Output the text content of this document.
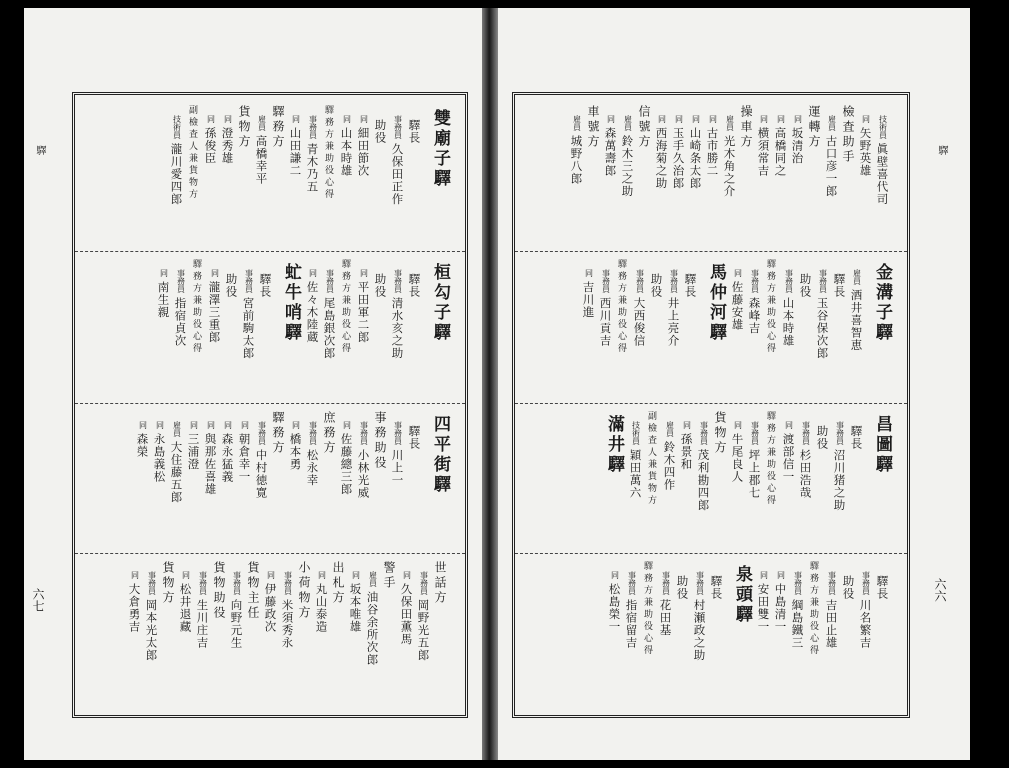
六七
驛
六六
驛
雙廟子驛
驛長
事務員久保田正作
助役
同細田節次
同山本時雄
驛務方兼助役心得
事務員青木乃五
同山田謙二
驛務方
雇員高橋幸平
貨物方
同澄秀雄
同孫俊臣
副檢査人兼貨物方
技術員瀧川愛四郎
桓勾子驛
驛長
事務員清水亥之助
助役
同平田軍二郎
驛務方兼助役心得
事務員尾島銀次郎
同佐々木陸蔵
虻牛哨驛
驛長
事務員宮前駒太郎
助役
同瀧澤三重郎
驛務方兼助役心得
事務員指宿貞次
同南生親
四平街驛
驛長
事務員川上一
事務助役
事務員小林光威
同佐藤總三郎
庶務方
事務員松永幸
同橋本勇
驛務方
事務員中村徳寛
同朝倉幸一
同森永猛義
同與那佐喜雄
同三浦澄
雇員大住藤五郎
同永島義松
同森榮
世話方
事務員岡野光五郎
同久保田薫馬
警手
雇員油谷余所次郎
同坂本唯雄
出札方
同丸山泰造
小荷物方
事務員米須秀永
同伊藤政次
貨物主任
事務員向野元生
貨物助役
事務員生川庄吉
同松井退藏
貨物方
事務員岡本光太郎
同大倉勇吉
技術員眞壁喜代司
同矢野英雄
檢査助手
雇員古口彦一郎
運轉方
同坂清治
同高橋同之
同横須常吉
操車方
雇員光木角之介
同古市勝二
同山崎条太郎
同玉手久治郎
同西海菊之助
信號方
雇員鈴木三之助
同森萬壽郎
車號方
雇員城野八郎
金溝子驛
雇員酒井喜智恵
驛長
事務員玉谷保次郎
助役
事務員山本時雄
驛務方兼助役心得
事務員森峰吉
同佐藤安雄
馬仲河驛
驛長
事務員井上亮介
助役
事務員大西俊信
驛務方兼助役心得
事務員西川貢吉
同吉川進
昌圖驛
驛長
事務員沼川猪之助
助役
事務員杉田浩哉
同渡部信一
驛務方兼助役心得
事務員坪上郡七
同牛尾良人
貨物方
事務員茂利勘四郎
同孫景和
雇員鈴木四作
副檢査人兼貨物方
技術員穎田萬六
滿井驛
驛長
事務員川名繁吉
助役
事務員吉田止雄
驛務方兼助役心得
事務員綱島鐵三
同中島清一
同安田雙一
泉頭驛
驛長
事務員村瀬政之助
助役
事務員花田基
驛務方兼助役心得
事務員指宿留吉
同松島榮一
